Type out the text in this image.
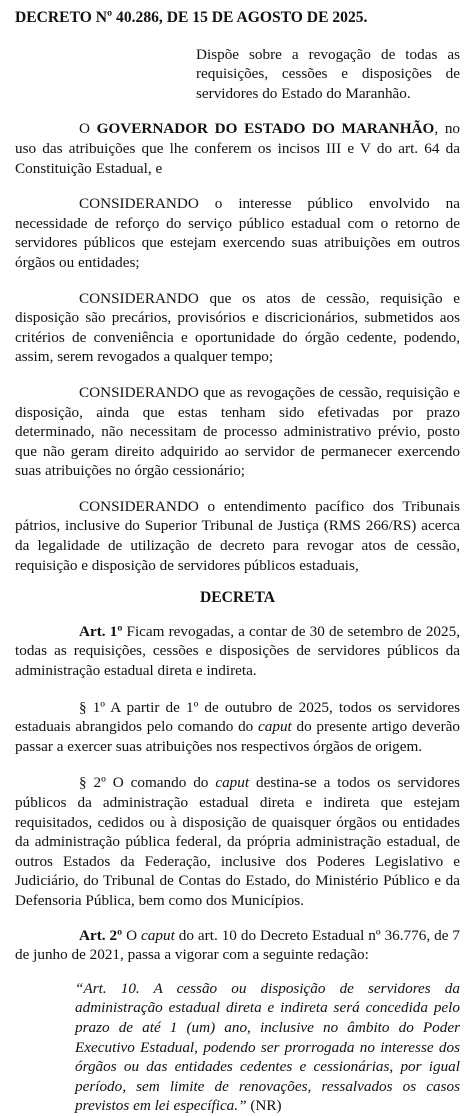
DECRETO Nº 40.286, DE 15 DE AGOSTO DE 2025.

Dispõe sobre a revogação de todas as requisições, cessões e disposições de servidores do Estado do Maranhão.

O GOVERNADOR DO ESTADO DO MARANHÃO, no uso das atribuições que lhe conferem os incisos III e V do art. 64 da Constituição Estadual, e

CONSIDERANDO o interesse público envolvido na necessidade de reforço do serviço público estadual com o retorno de servidores públicos que estejam exercendo suas atribuições em outros órgãos ou entidades;

CONSIDERANDO que os atos de cessão, requisição e disposição são precários, provisórios e discricionários, submetidos aos critérios de conveniência e oportunidade do órgão cedente, podendo, assim, serem revogados a qualquer tempo;

CONSIDERANDO que as revogações de cessão, requisição e disposição, ainda que estas tenham sido efetivadas por prazo determinado, não necessitam de processo administrativo prévio, posto que não geram direito adquirido ao servidor de permanecer exercendo suas atribuições no órgão cessionário;

CONSIDERANDO o entendimento pacífico dos Tribunais pátrios, inclusive do Superior Tribunal de Justiça (RMS 266/RS) acerca da legalidade de utilização de decreto para revogar atos de cessão, requisição e disposição de servidores públicos estaduais,

DECRETA

Art. 1º Ficam revogadas, a contar de 30 de setembro de 2025, todas as requisições, cessões e disposições de servidores públicos da administração estadual direta e indireta.

§ 1º A partir de 1º de outubro de 2025, todos os servidores estaduais abrangidos pelo comando do caput do presente artigo deverão passar a exercer suas atribuições nos respectivos órgãos de origem.

§ 2º O comando do caput destina-se a todos os servidores públicos da administração estadual direta e indireta que estejam requisitados, cedidos ou à disposição de quaisquer órgãos ou entidades da administração pública federal, da própria administração estadual, de outros Estados da Federação, inclusive dos Poderes Legislativo e Judiciário, do Tribunal de Contas do Estado, do Ministério Público e da Defensoria Pública, bem como dos Municípios.

Art. 2º O caput do art. 10 do Decreto Estadual nº 36.776, de 7 de junho de 2021, passa a vigorar com a seguinte redação:

“Art. 10. A cessão ou disposição de servidores da administração estadual direta e indireta será concedida pelo prazo de até 1 (um) ano, inclusive no âmbito do Poder Executivo Estadual, podendo ser prorrogada no interesse dos órgãos ou das entidades cedentes e cessionárias, por igual período, sem limite de renovações, ressalvados os casos previstos em lei específica.” (NR)
